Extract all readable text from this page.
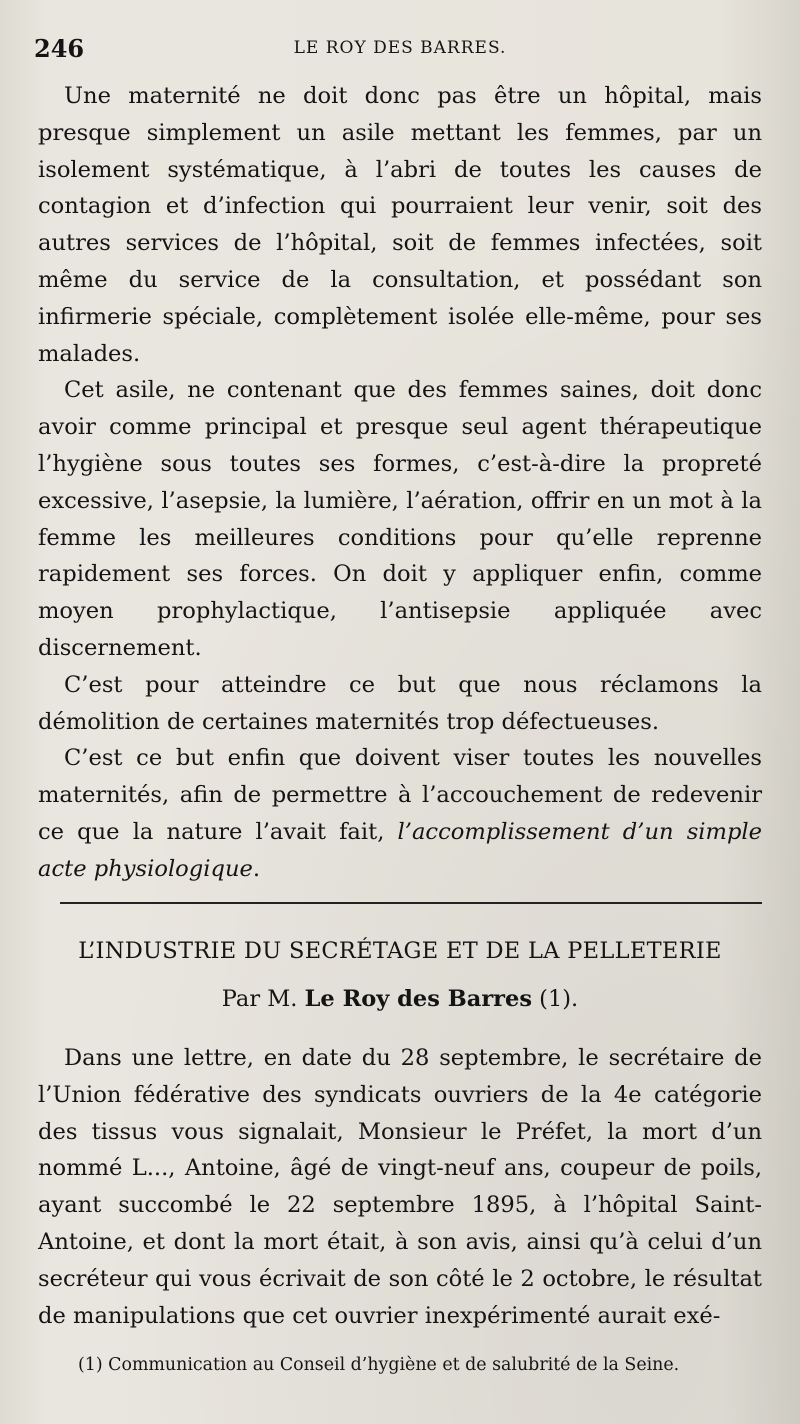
246	LE ROY DES BARRES.

Une maternité ne doit donc pas être un hôpital, mais presque simplement un asile mettant les femmes, par un isolement systématique, à l’abri de toutes les causes de contagion et d’infection qui pourraient leur venir, soit des autres services de l’hôpital, soit de femmes infectées, soit même du service de la consultation, et possédant son infirmerie spéciale, complètement isolée elle-même, pour ses malades.

Cet asile, ne contenant que des femmes saines, doit donc avoir comme principal et presque seul agent thérapeutique l’hygiène sous toutes ses formes, c’est-à-dire la propreté excessive, l’asepsie, la lumière, l’aération, offrir en un mot à la femme les meilleures conditions pour qu’elle reprenne rapidement ses forces. On doit y appliquer enfin, comme moyen prophylactique, l’antisepsie appliquée avec discernement.

C’est pour atteindre ce but que nous réclamons la démolition de certaines maternités trop défectueuses.

C’est ce but enfin que doivent viser toutes les nouvelles maternités, afin de permettre à l’accouchement de redevenir ce que la nature l’avait fait, l’accomplissement d’un simple acte physiologique.

L’INDUSTRIE DU SECRÉTAGE ET DE LA PELLETERIE

Par M. Le Roy des Barres (1).

Dans une lettre, en date du 28 septembre, le secrétaire de l’Union fédérative des syndicats ouvriers de la 4e catégorie des tissus vous signalait, Monsieur le Préfet, la mort d’un nommé L..., Antoine, âgé de vingt-neuf ans, coupeur de poils, ayant succombé le 22 septembre 1895, à l’hôpital Saint-Antoine, et dont la mort était, à son avis, ainsi qu’à celui d’un secréteur qui vous écrivait de son côté le 2 octobre, le résultat de manipulations que cet ouvrier inexpérimenté aurait exé-

(1) Communication au Conseil d’hygiène et de salubrité de la Seine.
